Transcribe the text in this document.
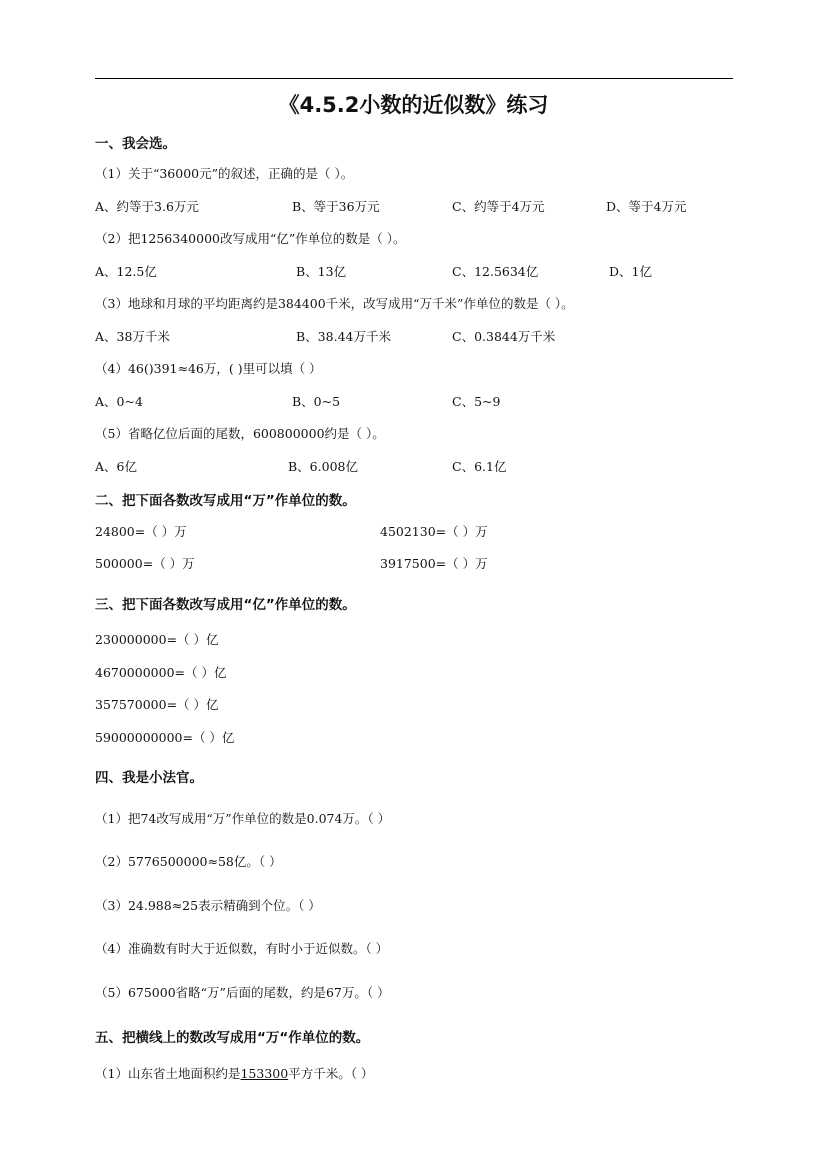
《4.5.2小数的近似数》练习
一、我会选。
（1）关于“36000元”的叙述，正确的是（ ）。
A、约等于3.6万元	B、等于36万元	C、约等于4万元	D、等于4万元
（2）把1256340000改写成用“亿”作单位的数是（ ）。
A、12.5亿	B、13亿	C、12.5634亿	D、1亿
（3）地球和月球的平均距离约是384400千米，改写成用“万千米”作单位的数是（ ）。
A、38万千米	B、38.44万千米	C、0.3844万千米
（4）46()391≈46万，( )里可以填（ ）
A、0~4	B、0~5	C、5~9
（5）省略亿位后面的尾数，600800000约是（ ）。
A、6亿	B、6.008亿	C、6.1亿
二、把下面各数改写成用“万”作单位的数。
24800=（ ）万	4502130=（ ）万
500000=（ ）万	3917500=（ ）万
三、把下面各数改写成用“亿”作单位的数。
230000000=（ ）亿
4670000000=（ ）亿
357570000=（ ）亿
59000000000=（ ）亿
四、我是小法官。
（1）把74改写成用“万”作单位的数是0.074万。（ ）
（2）5776500000≈58亿。（ ）
（3）24.988≈25表示精确到个位。（ ）
（4）准确数有时大于近似数，有时小于近似数。（ ）
（5）675000省略“万”后面的尾数，约是67万。（ ）
五、把横线上的数改写成用“万“作单位的数。
（1）山东省土地面积约是153300平方千米。（ ）
